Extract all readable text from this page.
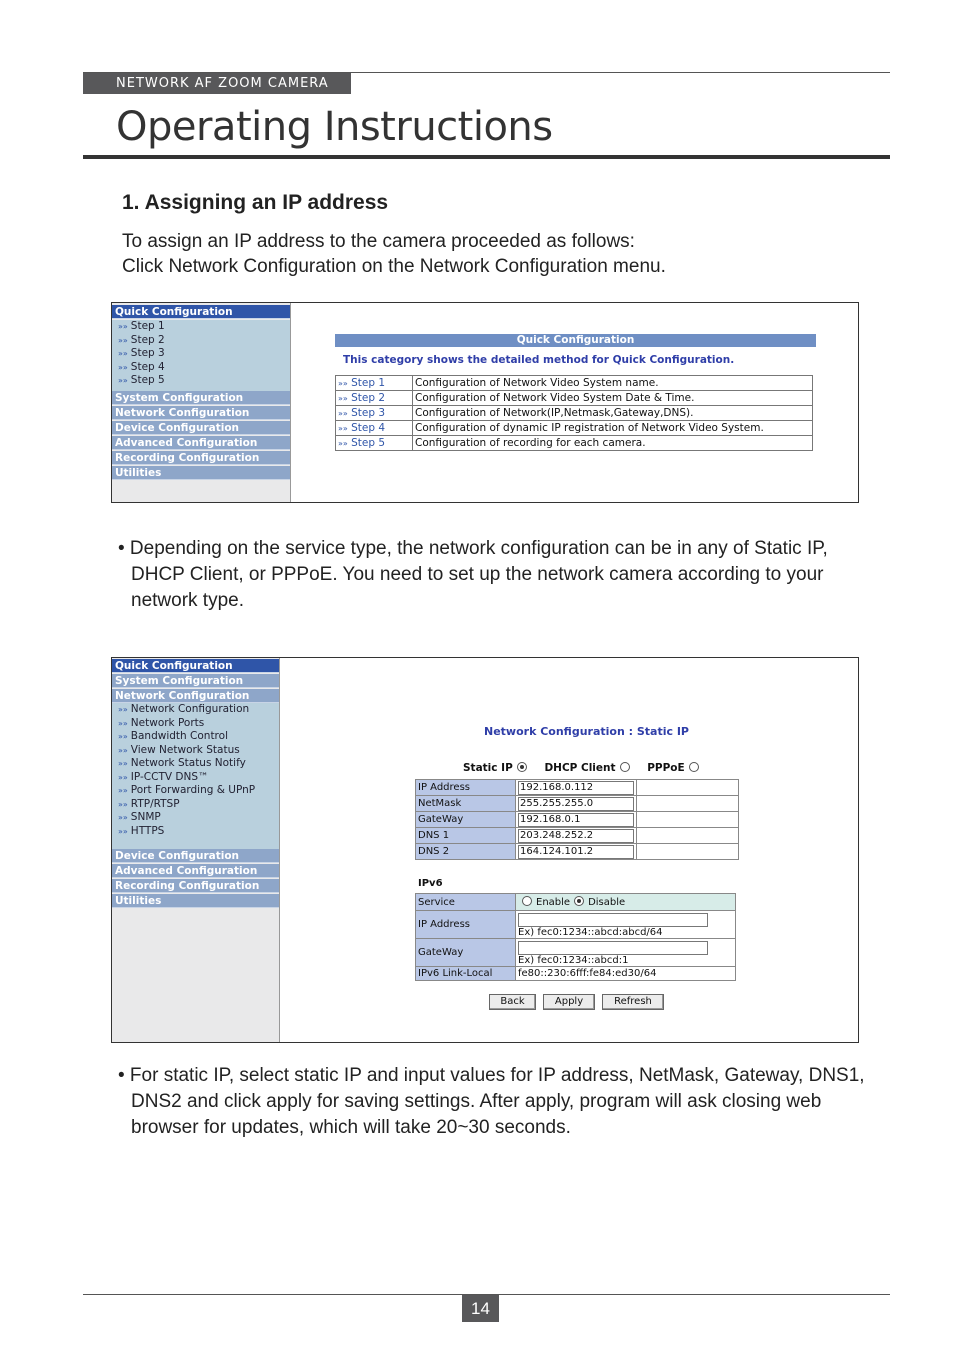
NETWORK AF ZOOM CAMERA
Operating Instructions
1. Assigning an IP address
To assign an IP address to the camera proceeded as follows:
Click Network Configuration on the Network Configuration menu.
Quick Configuration
»» Step 1
»» Step 2
»» Step 3
»» Step 4
»» Step 5
System Configuration
Network Configuration
Device Configuration
Advanced Configuration
Recording Configuration
Utilities
Quick Configuration
This category shows the detailed method for Quick Configuration.
»» Step 1	Configuration of Network Video System name.
»» Step 2	Configuration of Network Video System Date & Time.
»» Step 3	Configuration of Network(IP,Netmask,Gateway,DNS).
»» Step 4	Configuration of dynamic IP registration of Network Video System.
»» Step 5	Configuration of recording for each camera.
• Depending on the service type, the network configuration can be in any of Static IP, DHCP Client, or PPPoE. You need to set up the network camera according to your network type.
Quick Configuration
System Configuration
Network Configuration
»» Network Configuration
»» Network Ports
»» Bandwidth Control
»» View Network Status
»» Network Status Notify
»» IP-CCTV DNS™
»» Port Forwarding & UPnP
»» RTP/RTSP
»» SNMP
»» HTTPS
Device Configuration
Advanced Configuration
Recording Configuration
Utilities
Network Configuration : Static IP
Static IP	DHCP Client	PPPoE
IP Address	192.168.0.112	
NetMask	255.255.255.0	
GateWay	192.168.0.1	
DNS 1	203.248.252.2	
DNS 2	164.124.101.2	
IPv6
Service	Enable Disable
IP Address	Ex) fec0:1234::abcd:abcd/64
GateWay	Ex) fec0:1234::abcd:1
IPv6 Link-Local	fe80::230:6fff:fe84:ed30/64
Back	Apply	Refresh
• For static IP, select static IP and input values for IP address, NetMask, Gateway, DNS1, DNS2 and click apply for saving settings. After apply, program will ask closing web browser for updates, which will take 20~30 seconds.
14
